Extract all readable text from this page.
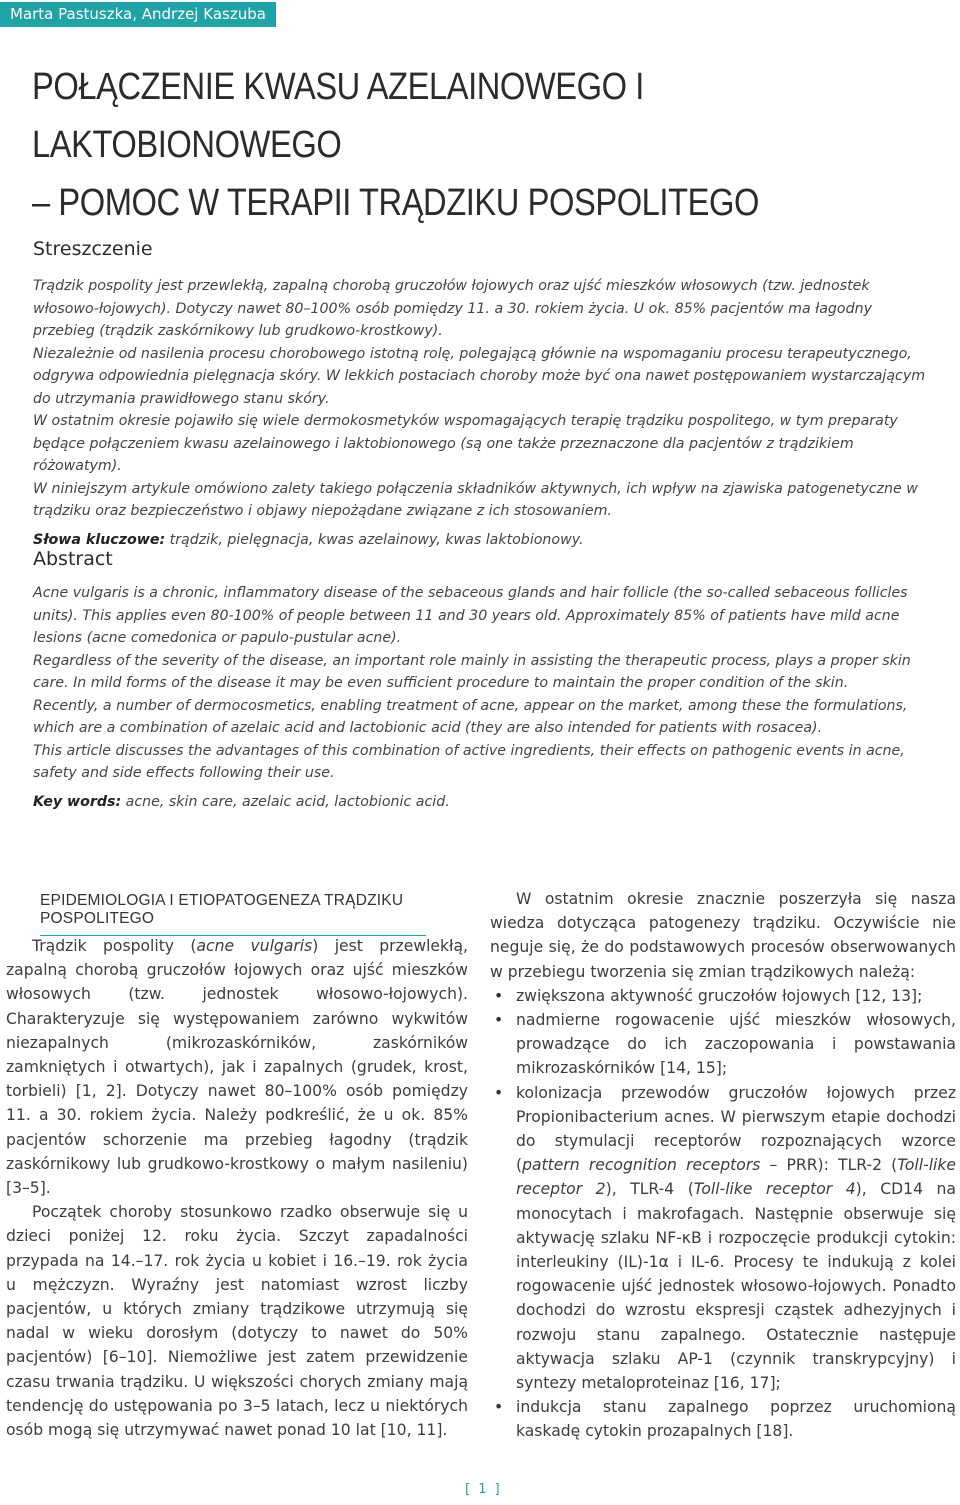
Marta Pastuszka, Andrzej Kaszuba
POŁĄCZENIE KWASU AZELAINOWEGO I LAKTOBIONOWEGO
– POMOC W TERAPII TRĄDZIKU POSPOLITEGO
Streszczenie

Trądzik pospolity jest przewlekłą, zapalną chorobą gruczołów łojowych oraz ujść mieszków włosowych (tzw. jednostek włosowo-łojowych). Dotyczy nawet 80–100% osób pomiędzy 11. a 30. rokiem życia. U ok. 85% pacjentów ma łagodny przebieg (trądzik zaskórnikowy lub grudkowo-krostkowy).

Niezależnie od nasilenia procesu chorobowego istotną rolę, polegającą głównie na wspomaganiu procesu terapeutycznego, odgrywa odpowiednia pielęgnacja skóry. W lekkich postaciach choroby może być ona nawet postępowaniem wystarczającym do utrzymania prawidłowego stanu skóry.

W ostatnim okresie pojawiło się wiele dermokosmetyków wspomagających terapię trądziku pospolitego, w tym preparaty będące połączeniem kwasu azelainowego i laktobionowego (są one także przeznaczone dla pacjentów z trądzikiem różowatym).

W niniejszym artykule omówiono zalety takiego połączenia składników aktywnych, ich wpływ na zjawiska patogenetyczne w trądziku oraz bezpieczeństwo i objawy niepożądane związane z ich stosowaniem.

Słowa kluczowe: trądzik, pielęgnacja, kwas azelainowy, kwas laktobionowy.

Abstract

Acne vulgaris is a chronic, inflammatory disease of the sebaceous glands and hair follicle (the so-called sebaceous follicles units). This applies even 80-100% of people between 11 and 30 years old. Approximately 85% of patients have mild acne lesions (acne comedonica or papulo-pustular acne).

Regardless of the severity of the disease, an important role mainly in assisting the therapeutic process, plays a proper skin care. In mild forms of the disease it may be even sufficient procedure to maintain the proper condition of the skin.

Recently, a number of dermocosmetics, enabling treatment of acne, appear on the market, among these the formulations, which are a combination of azelaic acid and lactobionic acid (they are also intended for patients with rosacea).

This article discusses the advantages of this combination of active ingredients, their effects on pathogenic events in acne, safety and side effects following their use.

Key words: acne, skin care, azelaic acid, lactobionic acid.

EPIDEMIOLOGIA I ETIOPATOGENEZA TRĄDZIKU POSPOLITEGO

Trądzik pospolity (acne vulgaris) jest przewlekłą, zapalną chorobą gruczołów łojowych oraz ujść mieszków włosowych (tzw. jednostek włosowo-łojowych). Charakteryzuje się występowaniem zarówno wykwitów niezapalnych (mikrozaskórników, zaskórników zamkniętych i otwartych), jak i zapalnych (grudek, krost, torbieli) [1, 2]. Dotyczy nawet 80–100% osób pomiędzy 11. a 30. rokiem życia. Należy podkreślić, że u ok. 85% pacjentów schorzenie ma przebieg łagodny (trądzik zaskórnikowy lub grudkowo-krostkowy o małym nasileniu) [3–5].

Początek choroby stosunkowo rzadko obserwuje się u dzieci poniżej 12. roku życia. Szczyt zapadalności przypada na 14.–17. rok życia u kobiet i 16.–19. rok życia u mężczyzn. Wyraźny jest natomiast wzrost liczby pacjentów, u których zmiany trądzikowe utrzymują się nadal w wieku dorosłym (dotyczy to nawet do 50% pacjentów) [6–10]. Niemożliwe jest zatem przewidzenie czasu trwania trądziku. U większości chorych zmiany mają tendencję do ustępowania po 3–5 latach, lecz u niektórych osób mogą się utrzymywać nawet ponad 10 lat [10, 11].

W ostatnim okresie znacznie poszerzyła się nasza wiedza dotycząca patogenezy trądziku. Oczywiście nie neguje się, że do podstawowych procesów obserwowanych w przebiegu tworzenia się zmian trądzikowych należą:

• zwiększona aktywność gruczołów łojowych [12, 13];
• nadmierne rogowacenie ujść mieszków włosowych, prowadzące do ich zaczopowania i powstawania mikrozaskórników [14, 15];
• kolonizacja przewodów gruczołów łojowych przez Propionibacterium acnes. W pierwszym etapie dochodzi do stymulacji receptorów rozpoznających wzorce (pattern recognition receptors – PRR): TLR-2 (Toll-like receptor 2), TLR-4 (Toll-like receptor 4), CD14 na monocytach i makrofagach. Następnie obserwuje się aktywację szlaku NF-κB i rozpoczęcie produkcji cytokin: interleukiny (IL)-1α i IL-6. Procesy te indukują z kolei rogowacenie ujść jednostek włosowo-łojowych. Ponadto dochodzi do wzrostu ekspresji cząstek adhezyjnych i rozwoju stanu zapalnego. Ostatecznie następuje aktywacja szlaku AP-1 (czynnik transkrypcyjny) i syntezy metaloproteinaz [16, 17];
• indukcja stanu zapalnego poprzez uruchomioną kaskadę cytokin prozapalnych [18].
[ 1 ]
